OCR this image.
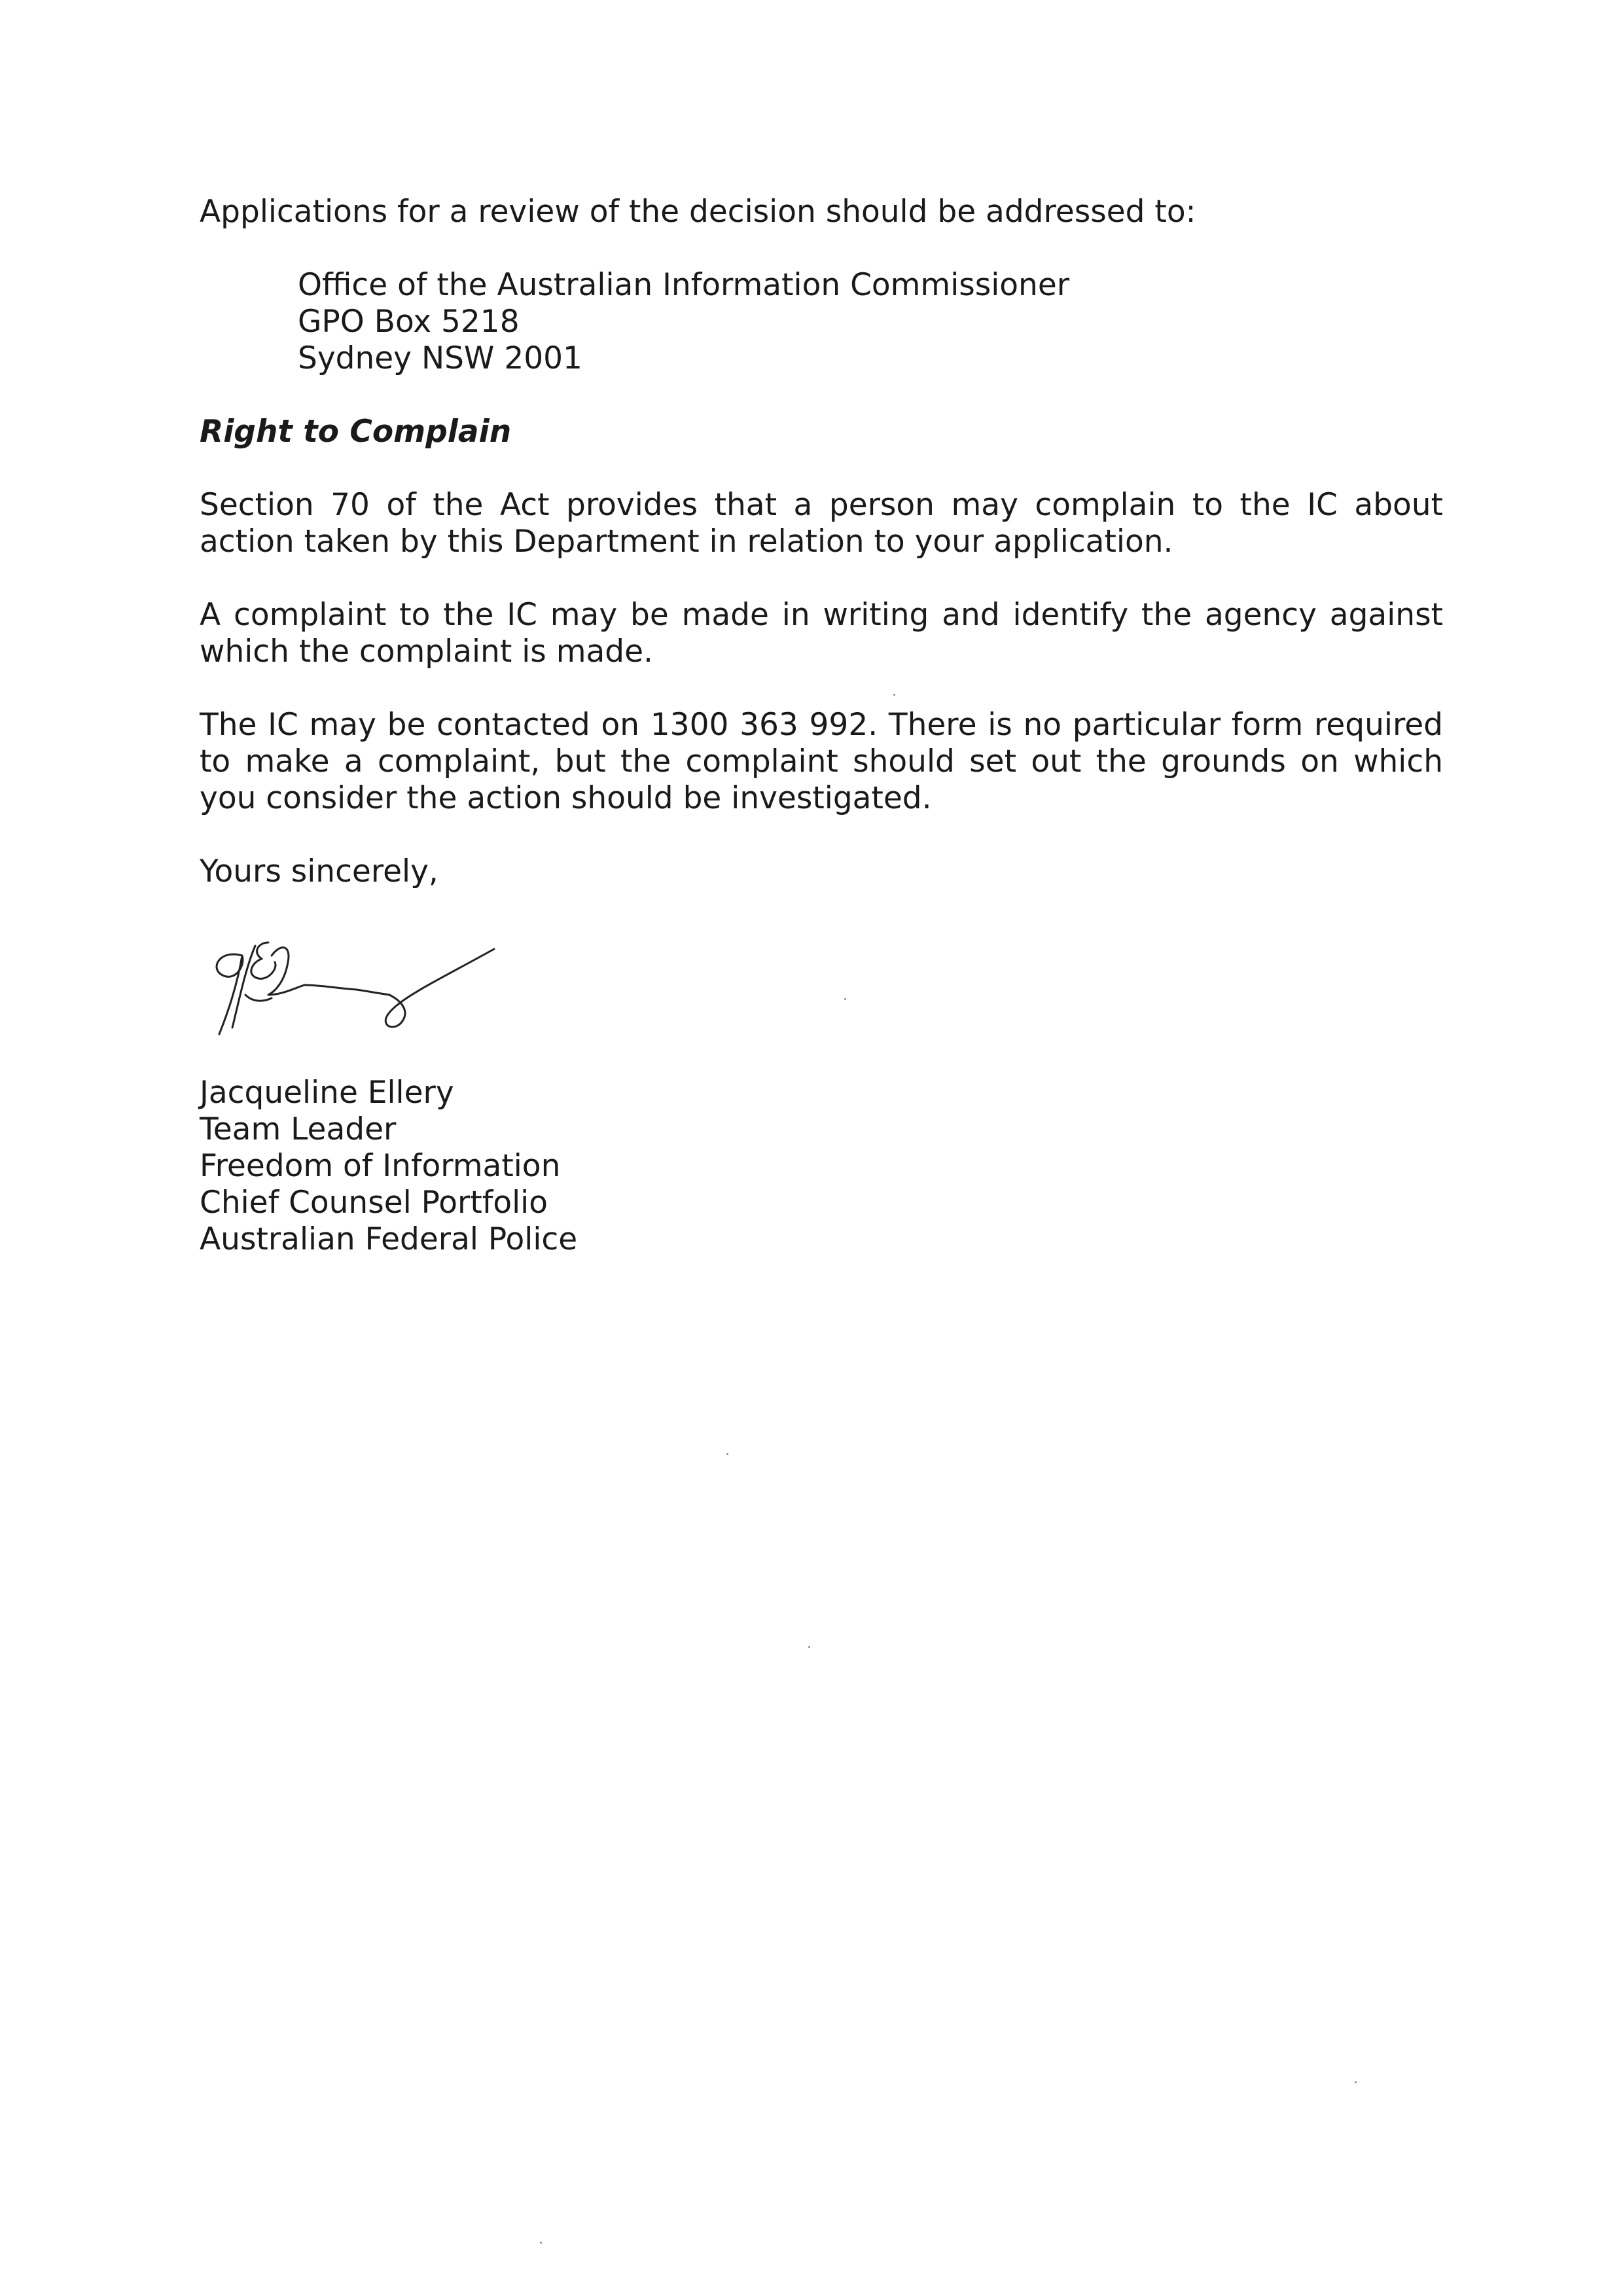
Applications for a review of the decision should be addressed to:

Office of the Australian Information Commissioner
GPO Box 5218
Sydney NSW 2001

Right to Complain

Section 70 of the Act provides that a person may complain to the IC about action taken by this Department in relation to your application.

A complaint to the IC may be made in writing and identify the agency against which the complaint is made.

The IC may be contacted on 1300 363 992. There is no particular form required to make a complaint, but the complaint should set out the grounds on which you consider the action should be investigated.

Yours sincerely,

Jacqueline Ellery
Team Leader
Freedom of Information
Chief Counsel Portfolio
Australian Federal Police
